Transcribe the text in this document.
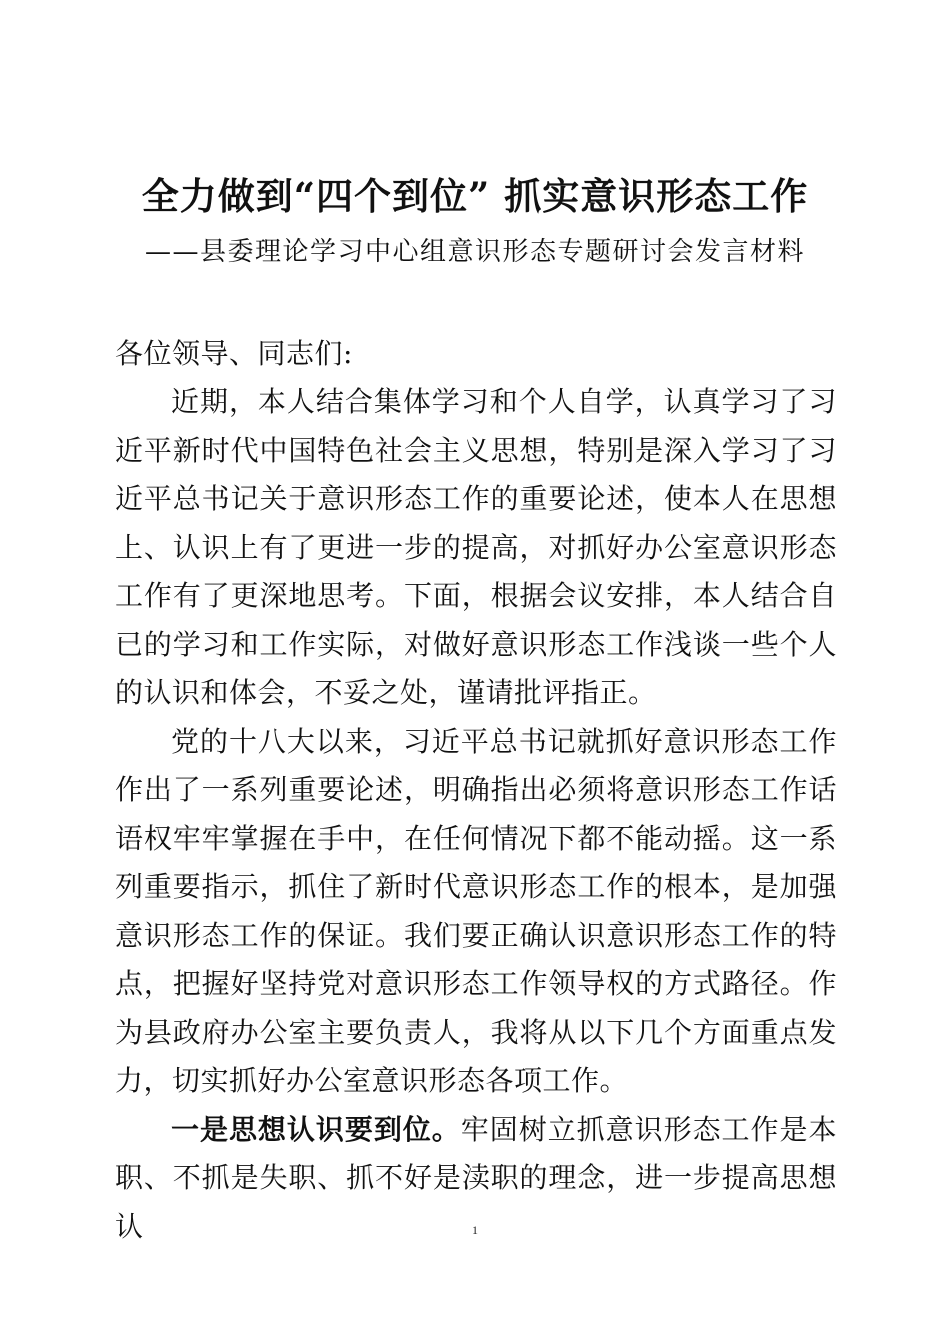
全力做到“四个到位” 抓实意识形态工作
——县委理论学习中心组意识形态专题研讨会发言材料

各位领导、同志们:

近期，本人结合集体学习和个人自学，认真学习了习近平新时代中国特色社会主义思想，特别是深入学习了习近平总书记关于意识形态工作的重要论述，使本人在思想上、认识上有了更进一步的提高，对抓好办公室意识形态工作有了更深地思考。下面，根据会议安排，本人结合自已的学习和工作实际，对做好意识形态工作浅谈一些个人的认识和体会，不妥之处，谨请批评指正。

党的十八大以来，习近平总书记就抓好意识形态工作作出了一系列重要论述，明确指出必须将意识形态工作话语权牢牢掌握在手中，在任何情况下都不能动摇。这一系列重要指示，抓住了新时代意识形态工作的根本，是加强意识形态工作的保证。我们要正确认识意识形态工作的特点，把握好坚持党对意识形态工作领导权的方式路径。作为县政府办公室主要负责人，我将从以下几个方面重点发力，切实抓好办公室意识形态各项工作。

一是思想认识要到位。牢固树立抓意识形态工作是本职、不抓是失职、抓不好是渎职的理念，进一步提高思想认	1
